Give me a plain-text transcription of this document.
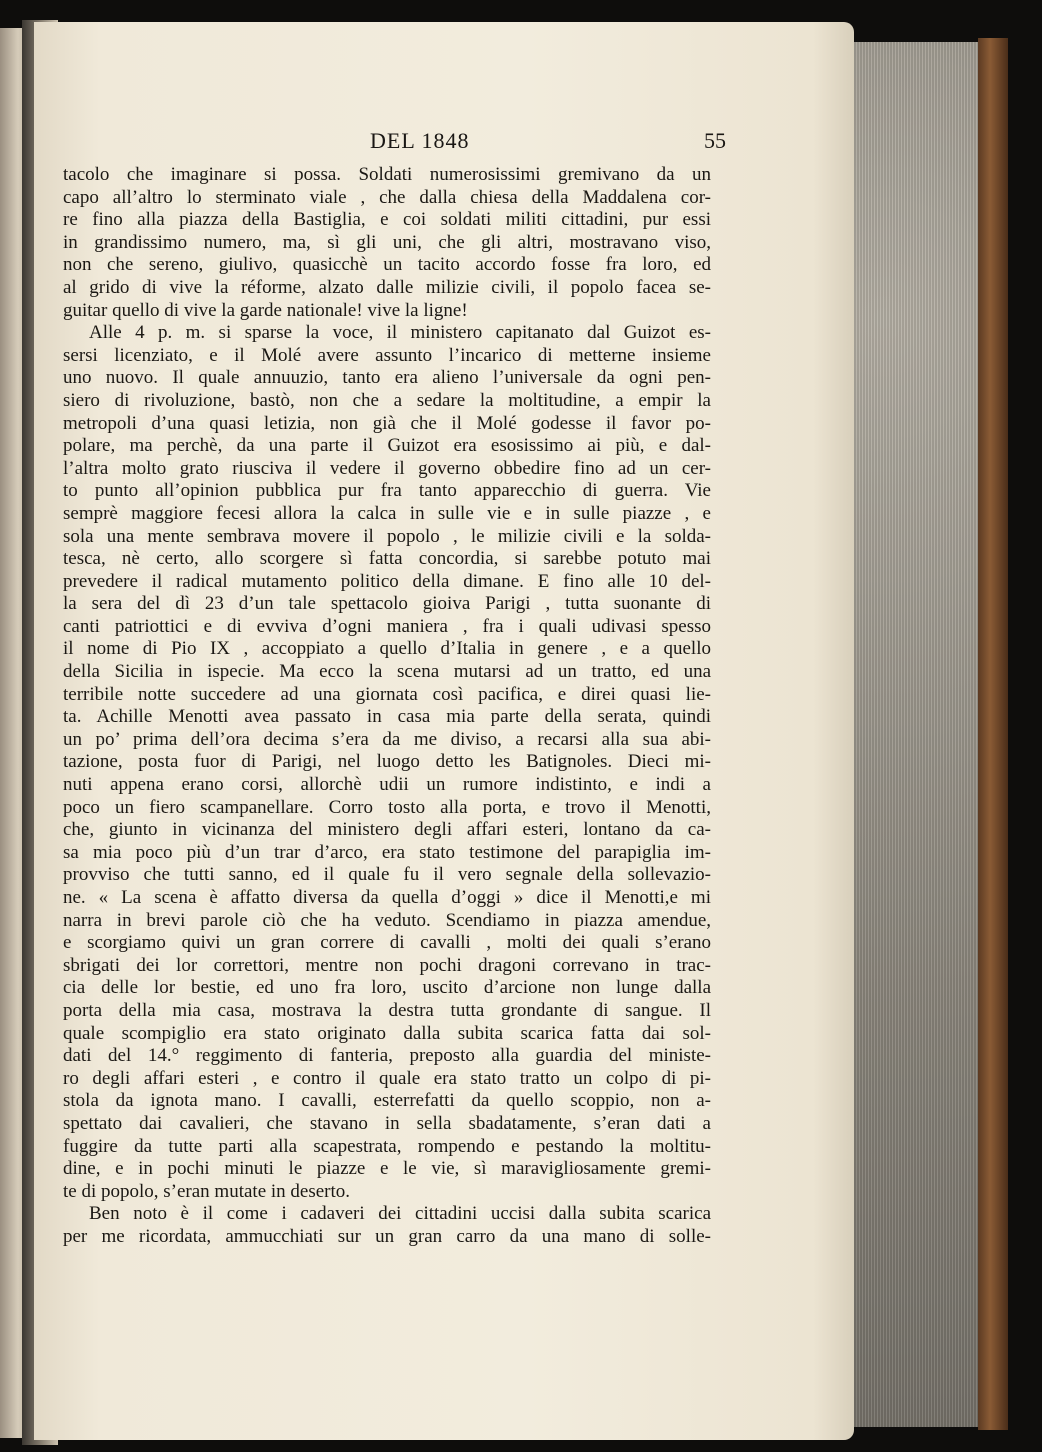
DEL 1848	55
tacolo che imaginare si possa. Soldati numerosissimi gremivano da un
capo all’altro lo sterminato viale , che dalla chiesa della Maddalena cor-
re fino alla piazza della Bastiglia, e coi soldati militi cittadini, pur essi
in grandissimo numero, ma, sì gli uni, che gli altri, mostravano viso,
non che sereno, giulivo, quasicchè un tacito accordo fosse fra loro, ed
al grido di vive la réforme, alzato dalle milizie civili, il popolo facea se-
guitar quello di vive la garde nationale! vive la ligne!
Alle 4 p. m. si sparse la voce, il ministero capitanato dal Guizot es-
sersi licenziato, e il Molé avere assunto l’incarico di metterne insieme
uno nuovo. Il quale annuuzio, tanto era alieno l’universale da ogni pen-
siero di rivoluzione, bastò, non che a sedare la moltitudine, a empir la
metropoli d’una quasi letizia, non già che il Molé godesse il favor po-
polare, ma perchè, da una parte il Guizot era esosissimo ai più, e dal-
l’altra molto grato riusciva il vedere il governo obbedire fino ad un cer-
to punto all’opinion pubblica pur fra tanto apparecchio di guerra. Vie
semprè maggiore fecesi allora la calca in sulle vie e in sulle piazze , e
sola una mente sembrava movere il popolo , le milizie civili e la solda-
tesca, nè certo, allo scorgere sì fatta concordia, si sarebbe potuto mai
prevedere il radical mutamento politico della dimane. E fino alle 10 del-
la sera del dì 23 d’un tale spettacolo gioiva Parigi , tutta suonante di
canti patriottici e di evviva d’ogni maniera , fra i quali udivasi spesso
il nome di Pio IX , accoppiato a quello d’Italia in genere , e a quello
della Sicilia in ispecie. Ma ecco la scena mutarsi ad un tratto, ed una
terribile notte succedere ad una giornata così pacifica, e direi quasi lie-
ta. Achille Menotti avea passato in casa mia parte della serata, quindi
un po’ prima dell’ora decima s’era da me diviso, a recarsi alla sua abi-
tazione, posta fuor di Parigi, nel luogo detto les Batignoles. Dieci mi-
nuti appena erano corsi, allorchè udii un rumore indistinto, e indi a
poco un fiero scampanellare. Corro tosto alla porta, e trovo il Menotti,
che, giunto in vicinanza del ministero degli affari esteri, lontano da ca-
sa mia poco più d’un trar d’arco, era stato testimone del parapiglia im-
provviso che tutti sanno, ed il quale fu il vero segnale della sollevazio-
ne. « La scena è affatto diversa da quella d’oggi » dice il Menotti,e mi
narra in brevi parole ciò che ha veduto. Scendiamo in piazza amendue,
e scorgiamo quivi un gran correre di cavalli , molti dei quali s’erano
sbrigati dei lor correttori, mentre non pochi dragoni correvano in trac-
cia delle lor bestie, ed uno fra loro, uscito d’arcione non lunge dalla
porta della mia casa, mostrava la destra tutta grondante di sangue. Il
quale scompiglio era stato originato dalla subita scarica fatta dai sol-
dati del 14.° reggimento di fanteria, preposto alla guardia del ministe-
ro degli affari esteri , e contro il quale era stato tratto un colpo di pi-
stola da ignota mano. I cavalli, esterrefatti da quello scoppio, non a-
spettato dai cavalieri, che stavano in sella sbadatamente, s’eran dati a
fuggire da tutte parti alla scapestrata, rompendo e pestando la moltitu-
dine, e in pochi minuti le piazze e le vie, sì maravigliosamente gremi-
te di popolo, s’eran mutate in deserto.
Ben noto è il come i cadaveri dei cittadini uccisi dalla subita scarica
per me ricordata, ammucchiati sur un gran carro da una mano di solle-
